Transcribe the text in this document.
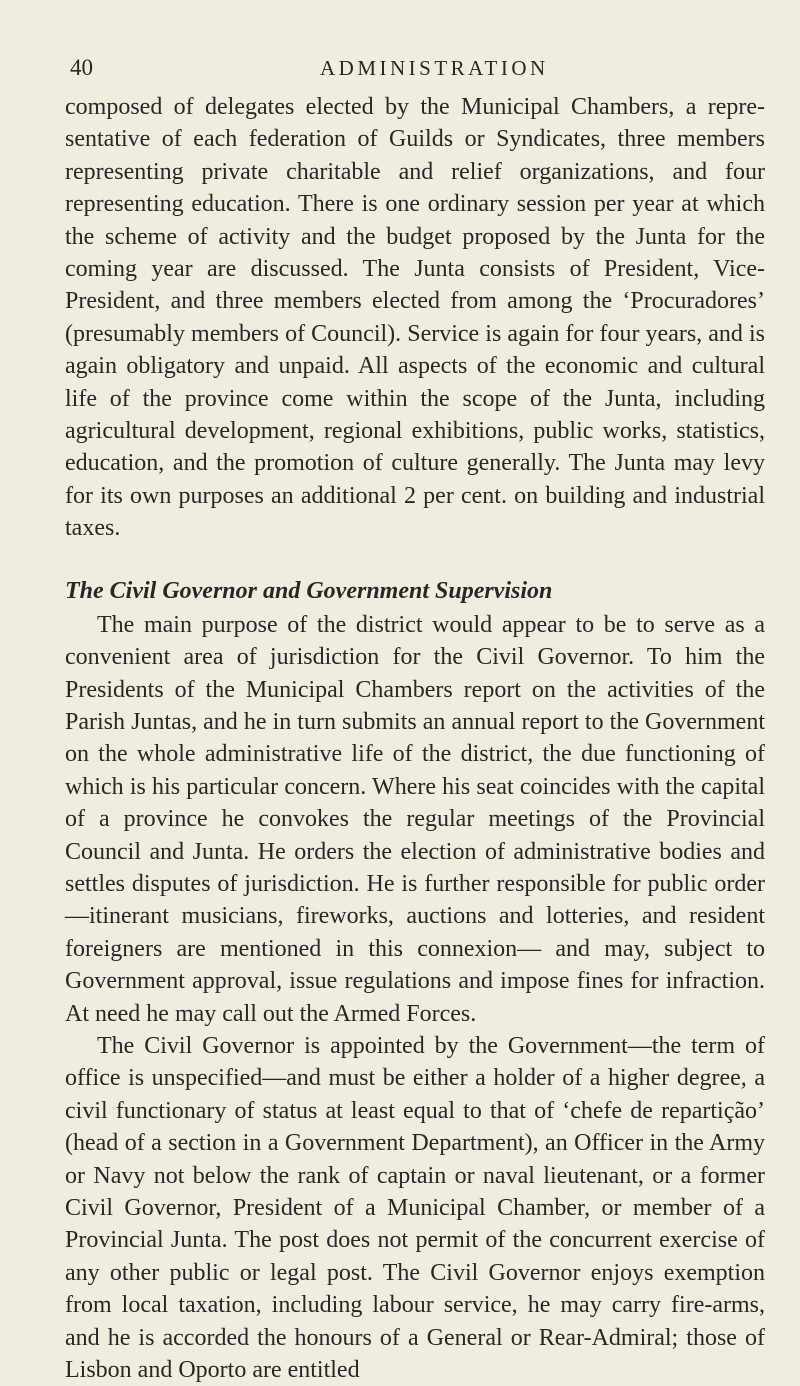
40	ADMINISTRATION

composed of delegates elected by the Municipal Chambers, a representative of each federation of Guilds or Syndicates, three members representing private charitable and relief organizations, and four representing education. There is one ordinary session per year at which the scheme of activity and the budget proposed by the Junta for the coming year are discussed. The Junta consists of President, Vice-President, and three members elected from among the ‘Procuradores’ (presumably members of Council). Service is again for four years, and is again obligatory and unpaid. All aspects of the economic and cultural life of the province come within the scope of the Junta, including agricultural development, regional exhibitions, public works, statistics, education, and the promotion of culture generally. The Junta may levy for its own purposes an additional 2 per cent. on building and industrial taxes.

The Civil Governor and Government Supervision

The main purpose of the district would appear to be to serve as a convenient area of jurisdiction for the Civil Governor. To him the Presidents of the Municipal Chambers report on the activities of the Parish Juntas, and he in turn submits an annual report to the Government on the whole administrative life of the district, the due functioning of which is his particular concern. Where his seat coincides with the capital of a province he convokes the regular meetings of the Provincial Council and Junta. He orders the election of administrative bodies and settles disputes of jurisdiction. He is further responsible for public order—itinerant musicians, fireworks, auctions and lotteries, and resident foreigners are mentioned in this connexion— and may, subject to Government approval, issue regulations and impose fines for infraction. At need he may call out the Armed Forces.

The Civil Governor is appointed by the Government—the term of office is unspecified—and must be either a holder of a higher degree, a civil functionary of status at least equal to that of ‘chefe de repartição’ (head of a section in a Government Department), an Officer in the Army or Navy not below the rank of captain or naval lieutenant, or a former Civil Governor, President of a Municipal Chamber, or member of a Provincial Junta. The post does not permit of the concurrent exercise of any other public or legal post. The Civil Governor enjoys exemption from local taxation, including labour service, he may carry fire-arms, and he is accorded the honours of a General or Rear-Admiral; those of Lisbon and Oporto are entitled
